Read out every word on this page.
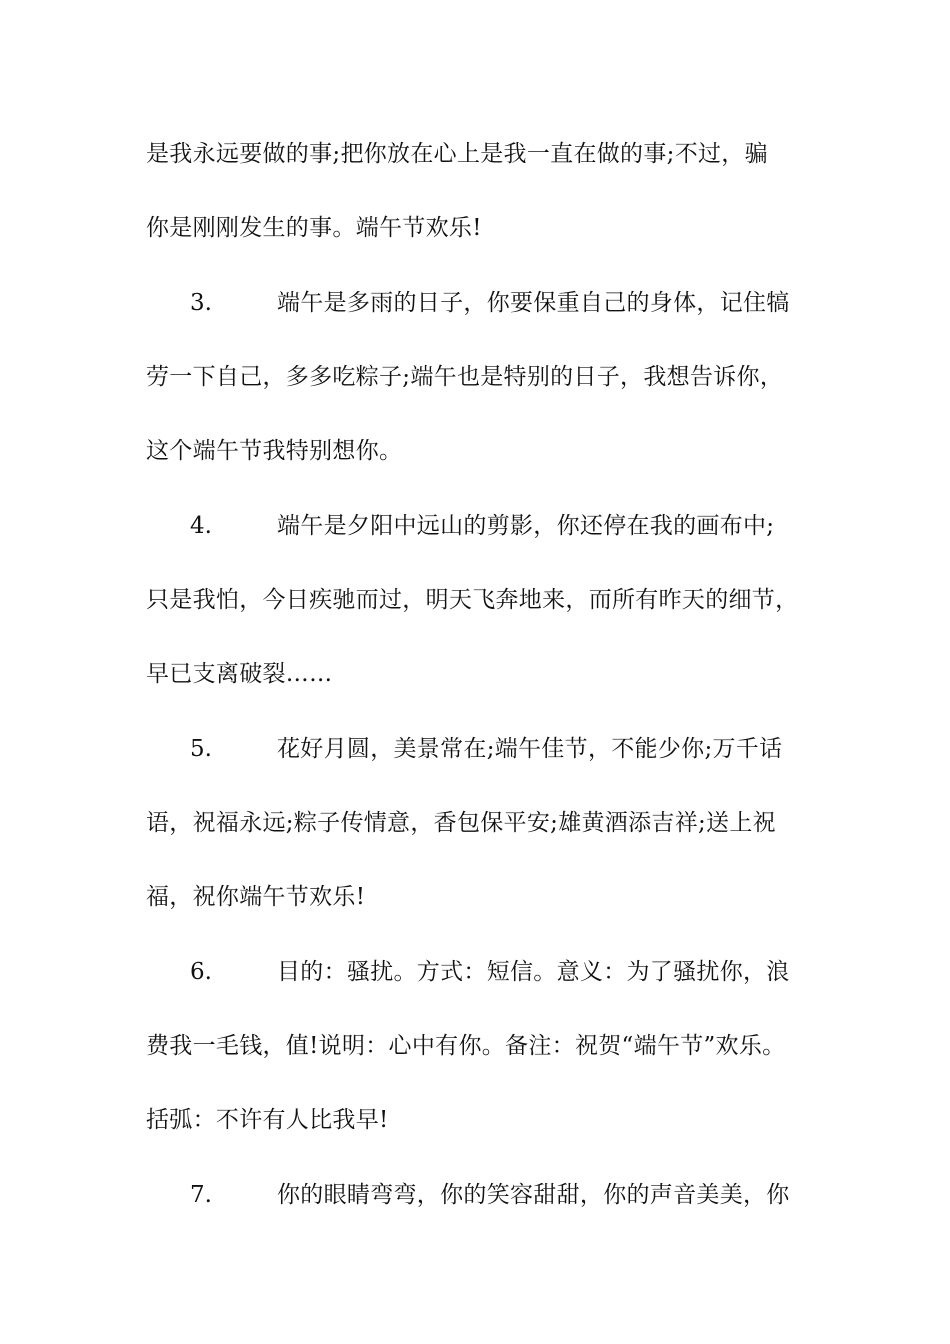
是我永远要做的事;把你放在心上是我一直在做的事;不过，骗
你是刚刚发生的事。端午节欢乐!
3.	端午是多雨的日子，你要保重自己的身体，记住犒
劳一下自己，多多吃粽子;端午也是特别的日子，我想告诉你，
这个端午节我特别想你。
4.	端午是夕阳中远山的剪影，你还停在我的画布中;
只是我怕，今日疾驰而过，明天飞奔地来，而所有昨天的细节，
早已支离破裂……
5.	花好月圆，美景常在;端午佳节，不能少你;万千话
语，祝福永远;粽子传情意，香包保平安;雄黄酒添吉祥;送上祝
福，祝你端午节欢乐!
6.	目的：骚扰。方式：短信。意义：为了骚扰你，浪
费我一毛钱，值!说明：心中有你。备注：祝贺“端午节”欢乐。
括弧：不许有人比我早!
7.	你的眼睛弯弯，你的笑容甜甜，你的声音美美，你
